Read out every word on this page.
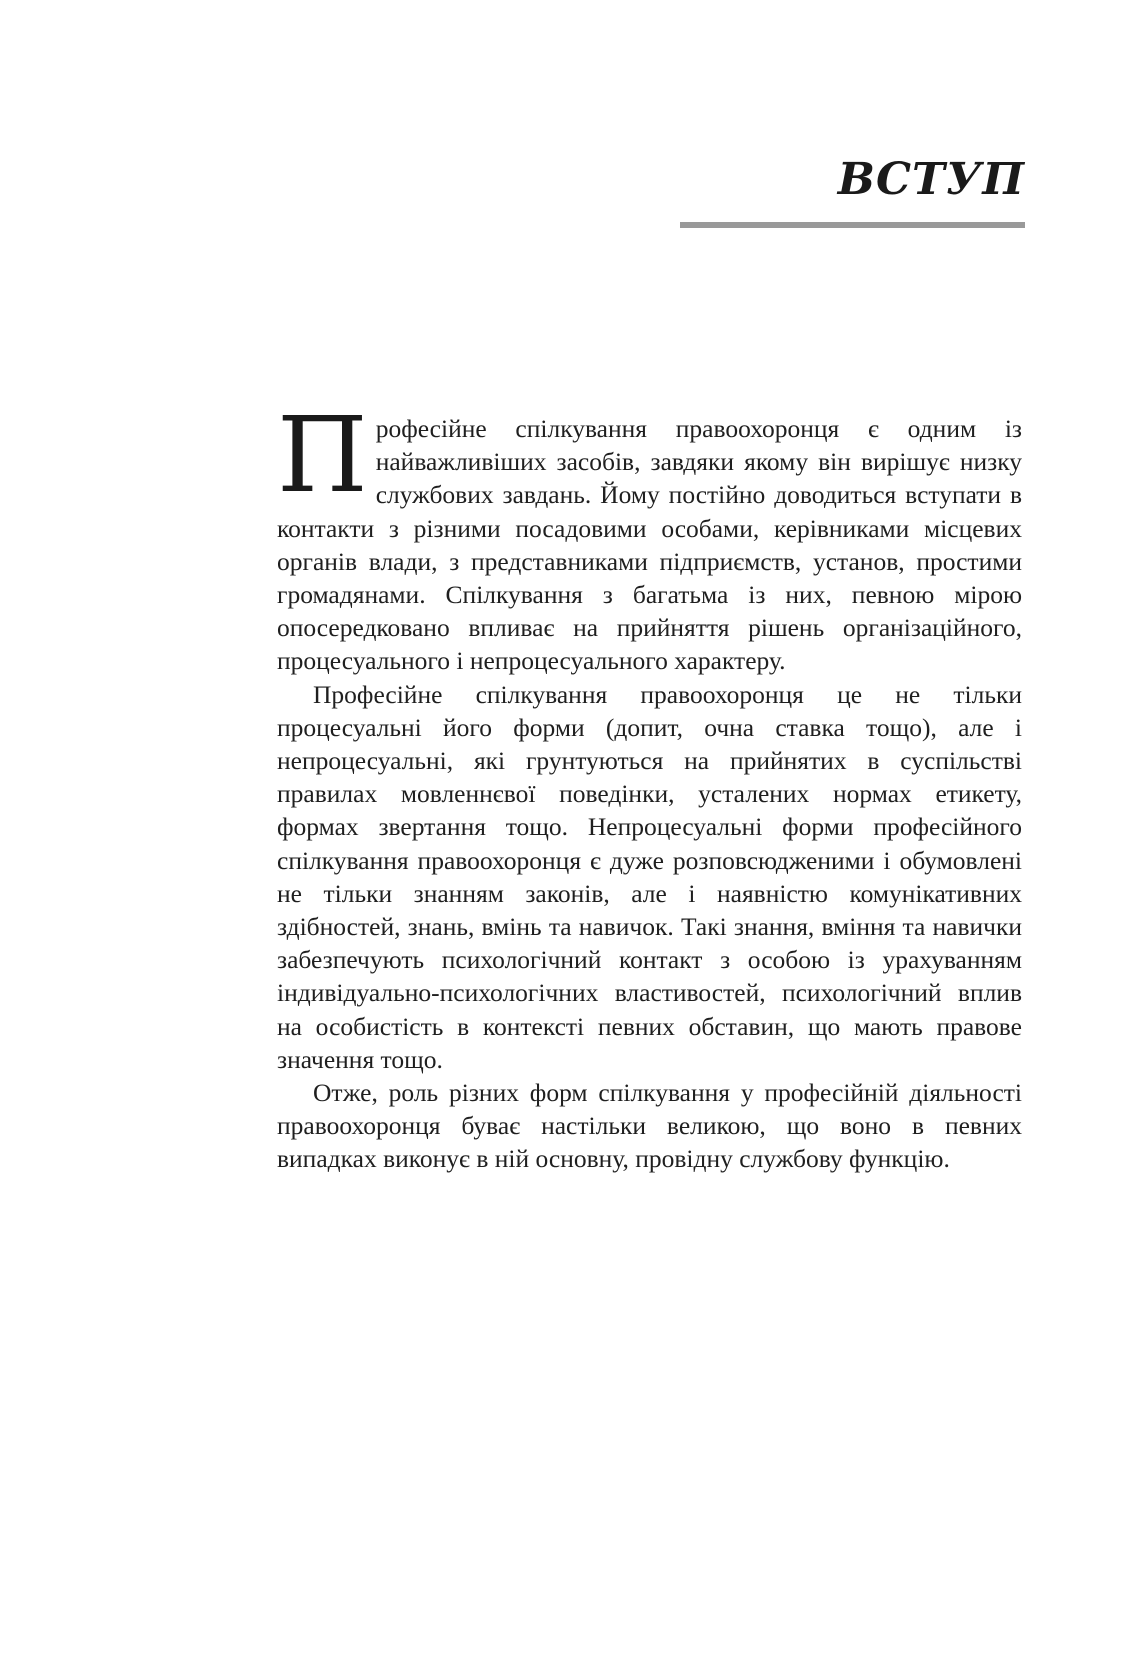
ВСТУП

Професійне спілкування правоохоронця є одним із найважливіших засобів, завдяки якому він вирішує низку службових завдань. Йому постійно доводиться вступати в контакти з різними посадовими особами, керівниками місцевих органів влади, з представниками підприємств, установ, простими громадянами. Спілкування з багатьма із них, певною мірою опосередковано впливає на прийняття рішень організаційного, процесуального і непроцесуального характеру.

Професійне спілкування правоохоронця це не тільки процесуальні його форми (допит, очна ставка тощо), але і непроцесуальні, які грунтуються на прийнятих в суспільстві правилах мовленнєвої поведінки, усталених нормах етикету, формах звертання тощо. Непроцесуальні форми професійного спілкування правоохоронця є дуже розповсюдженими і обумовлені не тільки знанням законів, але і наявністю комунікативних здібностей, знань, вмінь та навичок. Такі знання, вміння та навички забезпечують психологічний контакт з особою із урахуванням індивідуально-психологічних властивостей, психологічний вплив на особистість в контексті певних обставин, що мають правове значення тощо.

Отже, роль різних форм спілкування у професійній діяльності правоохоронця буває настільки великою, що воно в певних випадках виконує в ній основну, провідну службову функцію.
